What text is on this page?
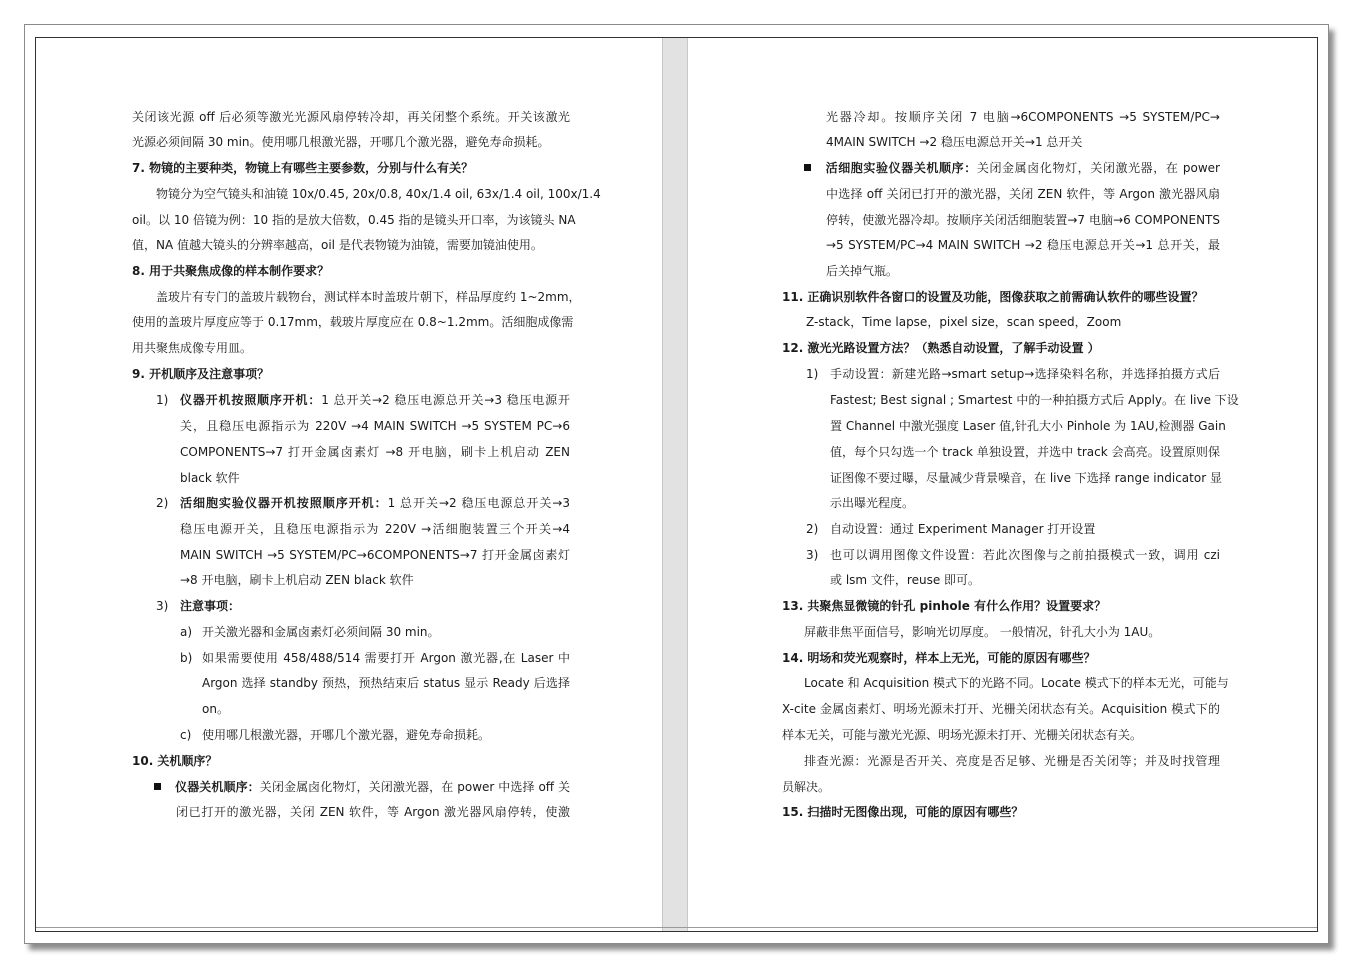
关闭该光源 off 后必须等激光光源风扇停转冷却，再关闭整个系统。开关该激光
光源必须间隔 30 min。使用哪几根激光器，开哪几个激光器，避免寿命损耗。
7. 物镜的主要种类，物镜上有哪些主要参数，分别与什么有关？
物镜分为空气镜头和油镜 10x/0.45, 20x/0.8, 40x/1.4 oil, 63x/1.4 oil, 100x/1.4
oil。以 10 倍镜为例：10 指的是放大倍数，0.45 指的是镜头开口率，为该镜头 NA
值，NA 值越大镜头的分辨率越高，oil 是代表物镜为油镜，需要加镜油使用。
8. 用于共聚焦成像的样本制作要求？
盖玻片有专门的盖玻片载物台，测试样本时盖玻片朝下，样品厚度约 1~2mm，
使用的盖玻片厚度应等于 0.17mm，载玻片厚度应在 0.8~1.2mm。活细胞成像需
用共聚焦成像专用皿。
9. 开机顺序及注意事项？
1) 仪器开机按照顺序开机：1 总开关→2 稳压电源总开关→3 稳压电源开
关，且稳压电源指示为 220V →4 MAIN SWITCH →5 SYSTEM PC→6
COMPONENTS→7 打开金属卤素灯 →8 开电脑，刷卡上机启动 ZEN
black 软件
2) 活细胞实验仪器开机按照顺序开机：1 总开关→2 稳压电源总开关→3
稳压电源开关，且稳压电源指示为 220V →活细胞装置三个开关→4
MAIN SWITCH →5 SYSTEM/PC→6COMPONENTS→7 打开金属卤素灯
→8 开电脑，刷卡上机启动 ZEN black 软件
3) 注意事项：
a) 开关激光器和金属卤素灯必须间隔 30 min。
b) 如果需要使用 458/488/514 需要打开 Argon 激光器,在 Laser 中
Argon 选择 standby 预热，预热结束后 status 显示 Ready 后选择
on。
c) 使用哪几根激光器，开哪几个激光器，避免寿命损耗。
10. 关机顺序？
仪器关机顺序：关闭金属卤化物灯，关闭激光器，在 power 中选择 off 关
闭已打开的激光器，关闭 ZEN 软件，等 Argon 激光器风扇停转，使激
光器冷却。按顺序关闭 7 电脑→6COMPONENTS →5 SYSTEM/PC→
4MAIN SWITCH →2 稳压电源总开关→1 总开关
活细胞实验仪器关机顺序：关闭金属卤化物灯，关闭激光器，在 power
中选择 off 关闭已打开的激光器，关闭 ZEN 软件，等 Argon 激光器风扇
停转，使激光器冷却。按顺序关闭活细胞装置→7 电脑→6 COMPONENTS
→5 SYSTEM/PC→4 MAIN SWITCH →2 稳压电源总开关→1 总开关，最
后关掉气瓶。
11. 正确识别软件各窗口的设置及功能，图像获取之前需确认软件的哪些设置？
Z-stack，Time lapse，pixel size，scan speed，Zoom
12. 激光光路设置方法？（熟悉自动设置，了解手动设置 ）
1) 手动设置：新建光路→smart setup→选择染料名称，并选择拍摄方式后
Fastest; Best signal ; Smartest 中的一种拍摄方式后 Apply。在 live 下设
置 Channel 中激光强度 Laser 值,针孔大小 Pinhole 为 1AU,检测器 Gain
值，每个只勾选一个 track 单独设置，并选中 track 会高亮。设置原则保
证图像不要过曝，尽量减少背景噪音，在 live 下选择 range indicator 显
示出曝光程度。
2) 自动设置：通过 Experiment Manager 打开设置
3) 也可以调用图像文件设置：若此次图像与之前拍摄模式一致，调用 czi
或 lsm 文件，reuse 即可。
13. 共聚焦显微镜的针孔 pinhole 有什么作用？设置要求？
屏蔽非焦平面信号，影响光切厚度。 一般情况，针孔大小为 1AU。
14. 明场和荧光观察时，样本上无光，可能的原因有哪些？
Locate 和 Acquisition 模式下的光路不同。Locate 模式下的样本无光，可能与
X-cite 金属卤素灯、明场光源未打开、光栅关闭状态有关。Acquisition 模式下的
样本无关，可能与激光光源、明场光源未打开、光栅关闭状态有关。
排查光源：光源是否开关、亮度是否足够、光栅是否关闭等；并及时找管理
员解决。
15. 扫描时无图像出现，可能的原因有哪些？
